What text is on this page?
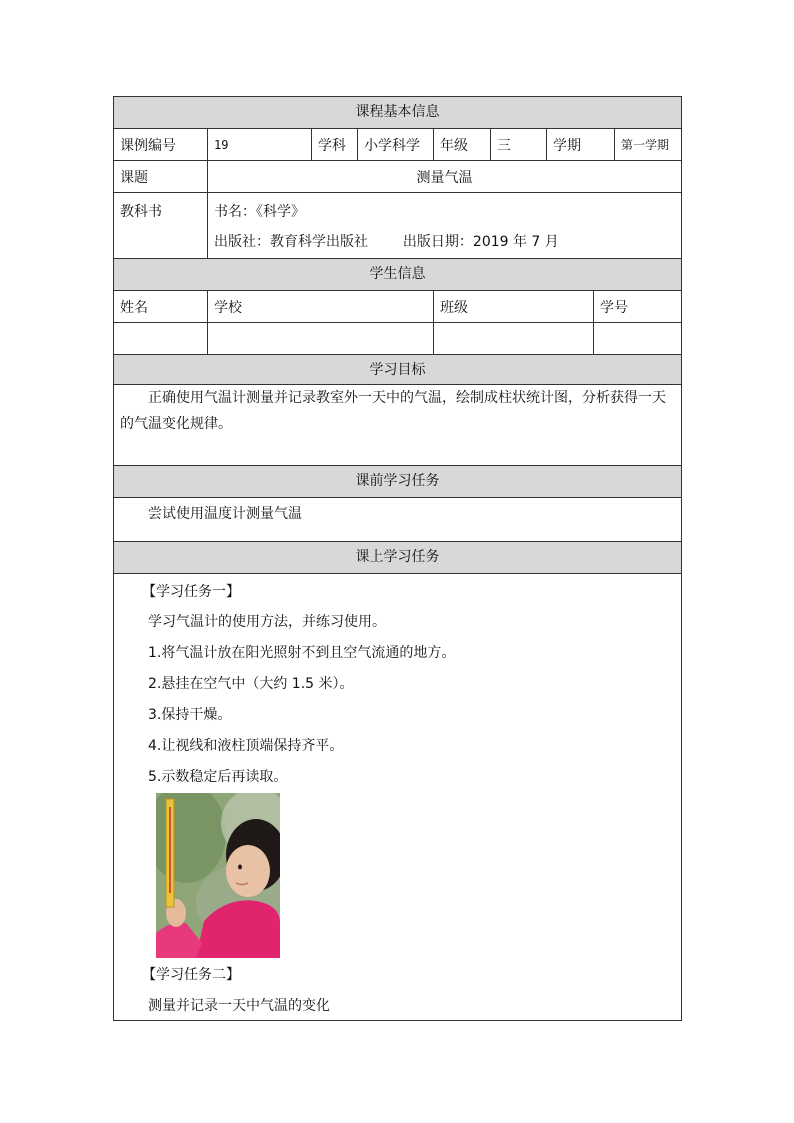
课程基本信息
课例编号	19	学科	小学科学	年级	三	学期	第一学期
课题	测量气温
教科书	书名：《科学》
出版社：教育科学出版社 出版日期：2019 年 7 月
学生信息
姓名	学校	班级	学号
学习目标
正确使用气温计测量并记录教室外一天中的气温，绘制成柱状统计图，分析获得一天的气温变化规律。
课前学习任务
尝试使用温度计测量气温
课上学习任务
【学习任务一】
学习气温计的使用方法，并练习使用。
1.将气温计放在阳光照射不到且空气流通的地方。
2.悬挂在空气中（大约 1.5 米）。
3.保持干燥。
4.让视线和液柱顶端保持齐平。
5.示数稳定后再读取。
【学习任务二】
测量并记录一天中气温的变化
